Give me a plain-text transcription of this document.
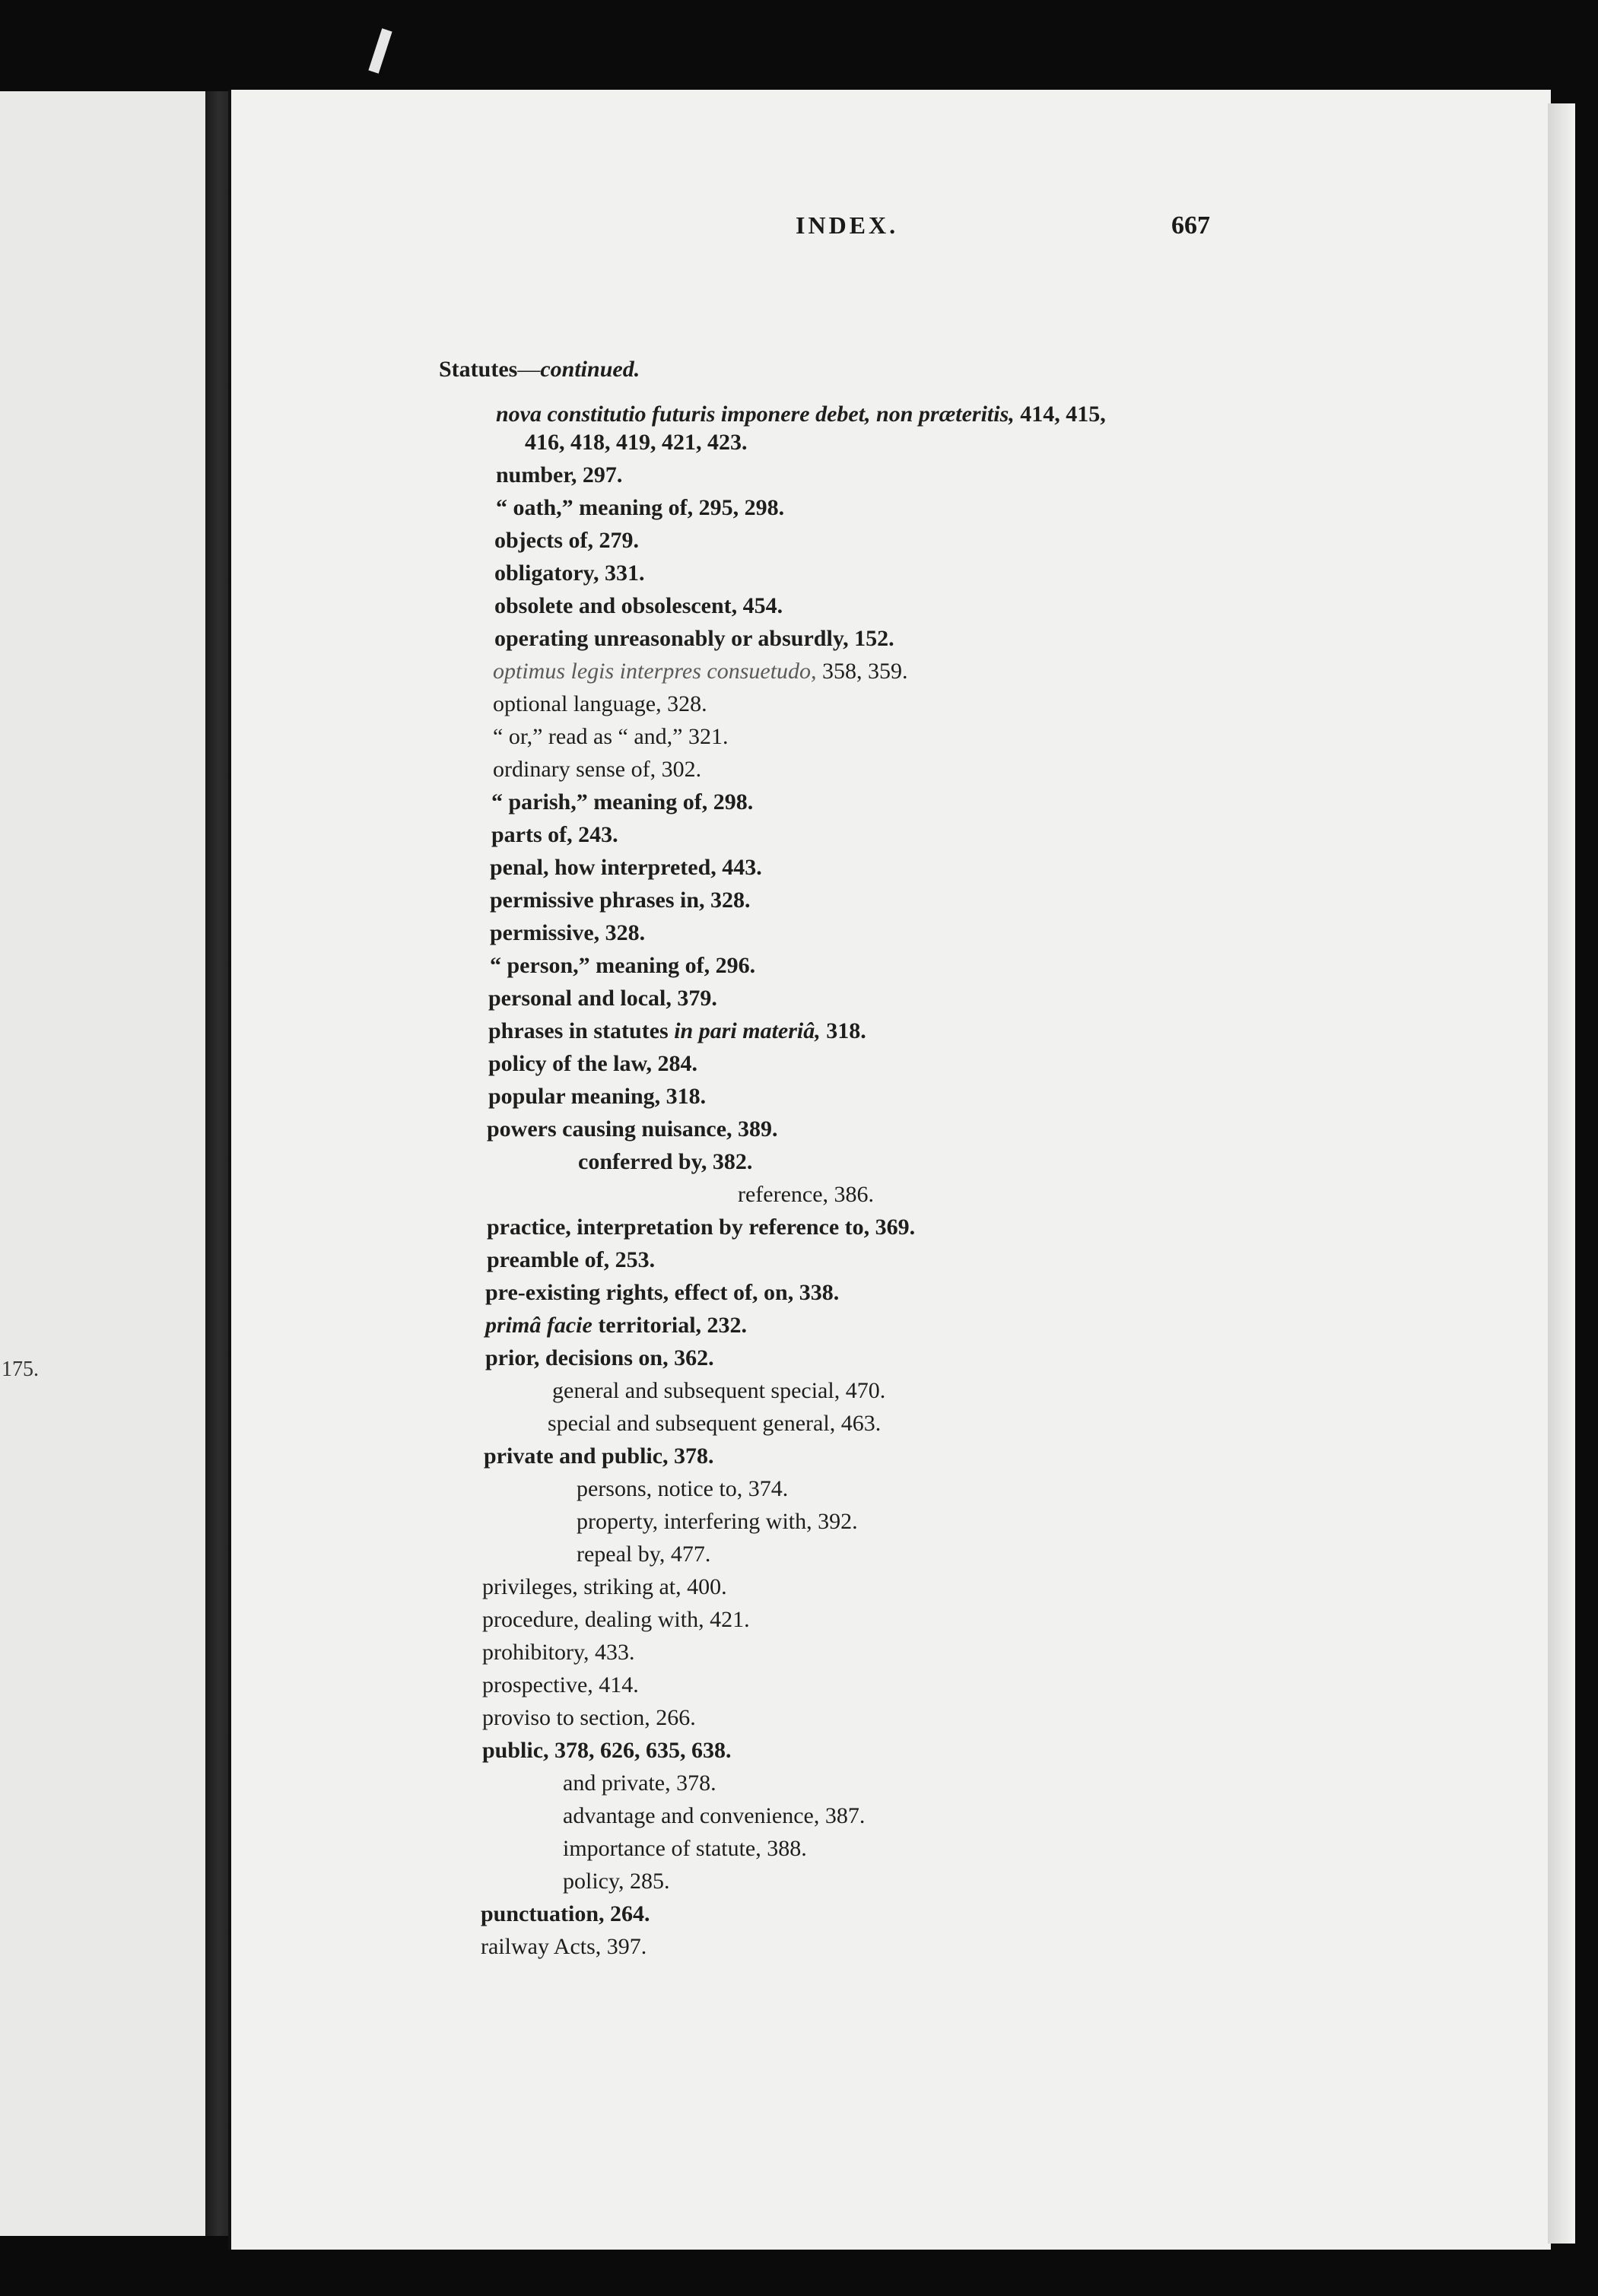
175.
INDEX.	667
Statutes—continued.
nova constitutio futuris imponere debet, non præteritis, 414, 415,
416, 418, 419, 421, 423.
number, 297.
“ oath,” meaning of, 295, 298.
objects of, 279.
obligatory, 331.
obsolete and obsolescent, 454.
operating unreasonably or absurdly, 152.
optimus legis interpres consuetudo, 358, 359.
optional language, 328.
“ or,” read as “ and,” 321.
ordinary sense of, 302.
“ parish,” meaning of, 298.
parts of, 243.
penal, how interpreted, 443.
permissive phrases in, 328.
permissive, 328.
“ person,” meaning of, 296.
personal and local, 379.
phrases in statutes in pari materiâ, 318.
policy of the law, 284.
popular meaning, 318.
powers causing nuisance, 389.
conferred by, 382.
reference, 386.
practice, interpretation by reference to, 369.
preamble of, 253.
pre-existing rights, effect of, on, 338.
primâ facie territorial, 232.
prior, decisions on, 362.
general and subsequent special, 470.
special and subsequent general, 463.
private and public, 378.
persons, notice to, 374.
property, interfering with, 392.
repeal by, 477.
privileges, striking at, 400.
procedure, dealing with, 421.
prohibitory, 433.
prospective, 414.
proviso to section, 266.
public, 378, 626, 635, 638.
and private, 378.
advantage and convenience, 387.
importance of statute, 388.
policy, 285.
punctuation, 264.
railway Acts, 397.
